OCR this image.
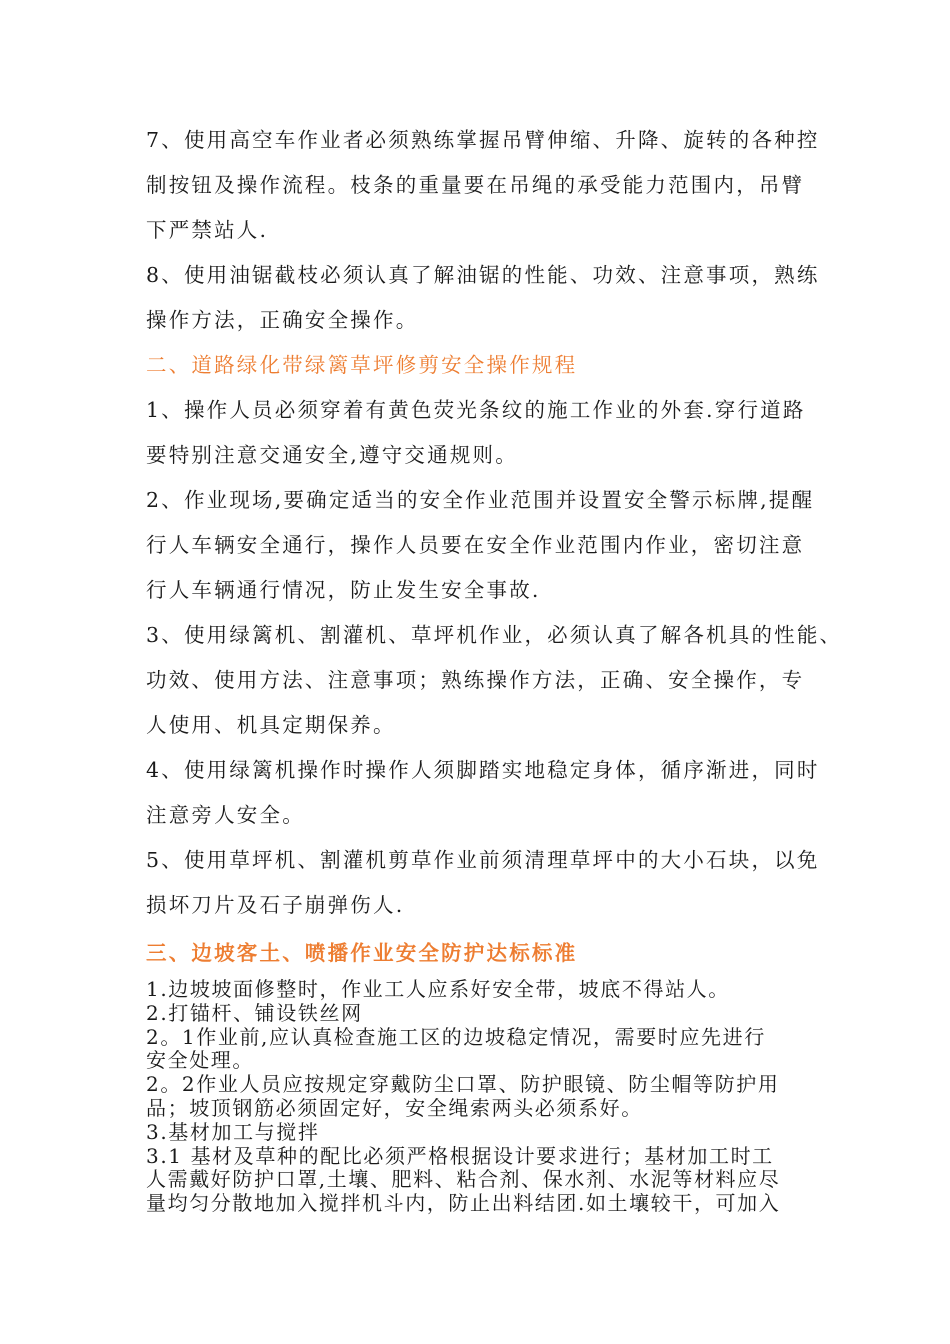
7、使用高空车作业者必须熟练掌握吊臂伸缩、升降、旋转的各种控
制按钮及操作流程。枝条的重量要在吊绳的承受能力范围内，吊臂
下严禁站人.
8、使用油锯截枝必须认真了解油锯的性能、功效、注意事项，熟练
操作方法，正确安全操作。
二、道路绿化带绿篱草坪修剪安全操作规程
1、操作人员必须穿着有黄色荧光条纹的施工作业的外套.穿行道路
要特别注意交通安全,遵守交通规则。
2、作业现场,要确定适当的安全作业范围并设置安全警示标牌,提醒
行人车辆安全通行，操作人员要在安全作业范围内作业，密切注意
行人车辆通行情况，防止发生安全事故.
3、使用绿篱机、割灌机、草坪机作业，必须认真了解各机具的性能、
功效、使用方法、注意事项；熟练操作方法，正确、安全操作，专
人使用、机具定期保养。
4、使用绿篱机操作时操作人须脚踏实地稳定身体，循序渐进，同时
注意旁人安全。
5、使用草坪机、割灌机剪草作业前须清理草坪中的大小石块，以免
损坏刀片及石子崩弹伤人.
三、边坡客土、喷播作业安全防护达标标准
1.边坡坡面修整时，作业工人应系好安全带，坡底不得站人。
2.打锚杆、铺设铁丝网
2。1作业前,应认真检查施工区的边坡稳定情况，需要时应先进行
安全处理。
2。2作业人员应按规定穿戴防尘口罩、防护眼镜、防尘帽等防护用
品；坡顶钢筋必须固定好，安全绳索两头必须系好。
3.基材加工与搅拌
3.1 基材及草种的配比必须严格根据设计要求进行；基材加工时工
人需戴好防护口罩,土壤、肥料、粘合剂、保水剂、水泥等材料应尽
量均匀分散地加入搅拌机斗内，防止出料结团.如土壤较干，可加入
